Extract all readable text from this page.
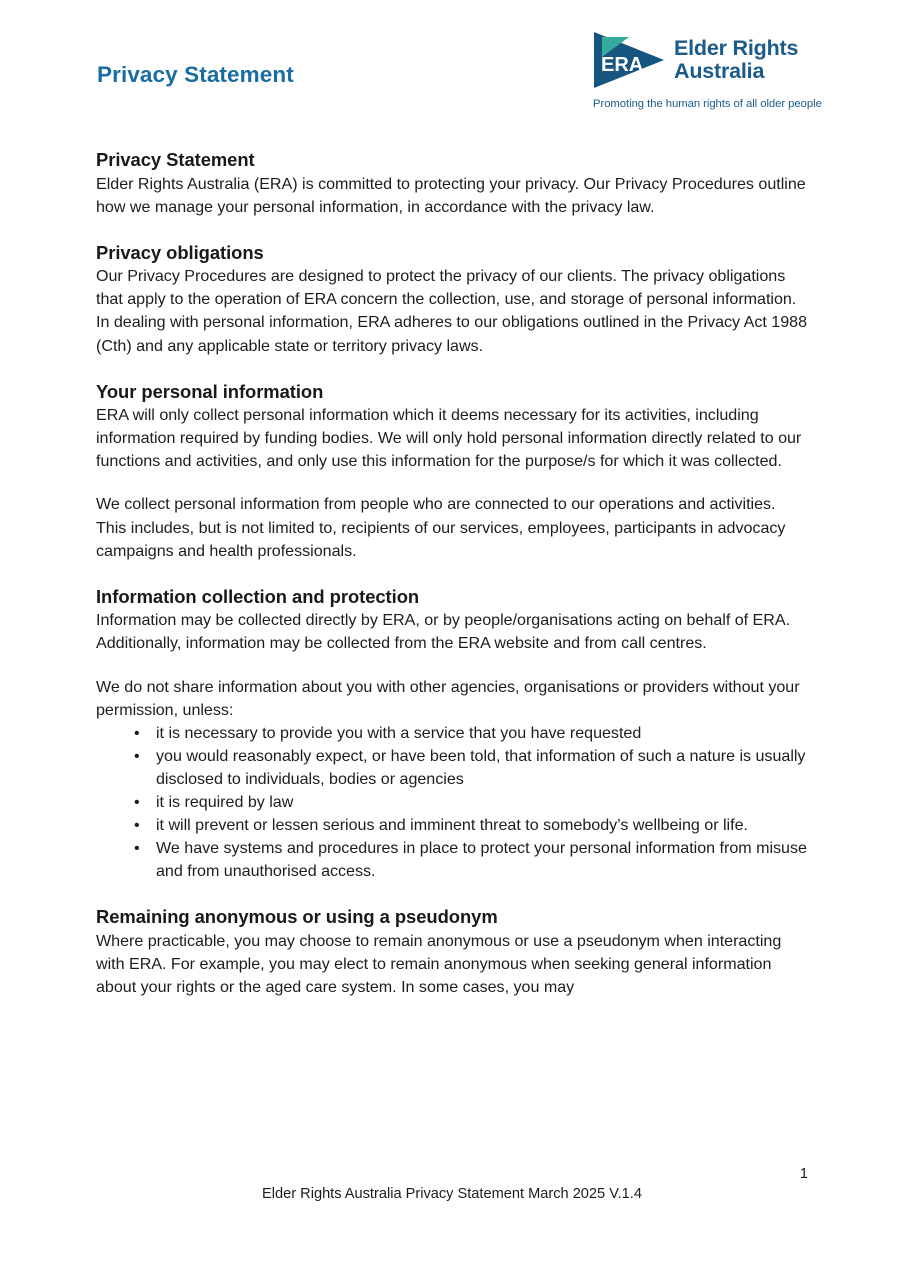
Privacy Statement	ERA
Elder Rights
Australia
Promoting the human rights of all older people
Privacy Statement

Elder Rights Australia (ERA) is committed to protecting your privacy. Our Privacy Procedures outline how we manage your personal information, in accordance with the privacy law.

Privacy obligations

Our Privacy Procedures are designed to protect the privacy of our clients. The privacy obligations that apply to the operation of ERA concern the collection, use, and storage of personal information. In dealing with personal information, ERA adheres to our obligations outlined in the Privacy Act 1988 (Cth) and any applicable state or territory privacy laws.

Your personal information

ERA will only collect personal information which it deems necessary for its activities, including information required by funding bodies. We will only hold personal information directly related to our functions and activities, and only use this information for the purpose/s for which it was collected.

We collect personal information from people who are connected to our operations and activities. This includes, but is not limited to, recipients of our services, employees, participants in advocacy campaigns and health professionals.

Information collection and protection

Information may be collected directly by ERA, or by people/organisations acting on behalf of ERA. Additionally, information may be collected from the ERA website and from call centres.

We do not share information about you with other agencies, organisations or providers without your permission, unless:

• it is necessary to provide you with a service that you have requested
• you would reasonably expect, or have been told, that information of such a nature is usually disclosed to individuals, bodies or agencies
• it is required by law
• it will prevent or lessen serious and imminent threat to somebody’s wellbeing or life.
• We have systems and procedures in place to protect your personal information from misuse and from unauthorised access.
Remaining anonymous or using a pseudonym

Where practicable, you may choose to remain anonymous or use a pseudonym when interacting with ERA. For example, you may elect to remain anonymous when seeking general information about your rights or the aged care system. In some cases, you may

1
Elder Rights Australia Privacy Statement March 2025 V.1.4
